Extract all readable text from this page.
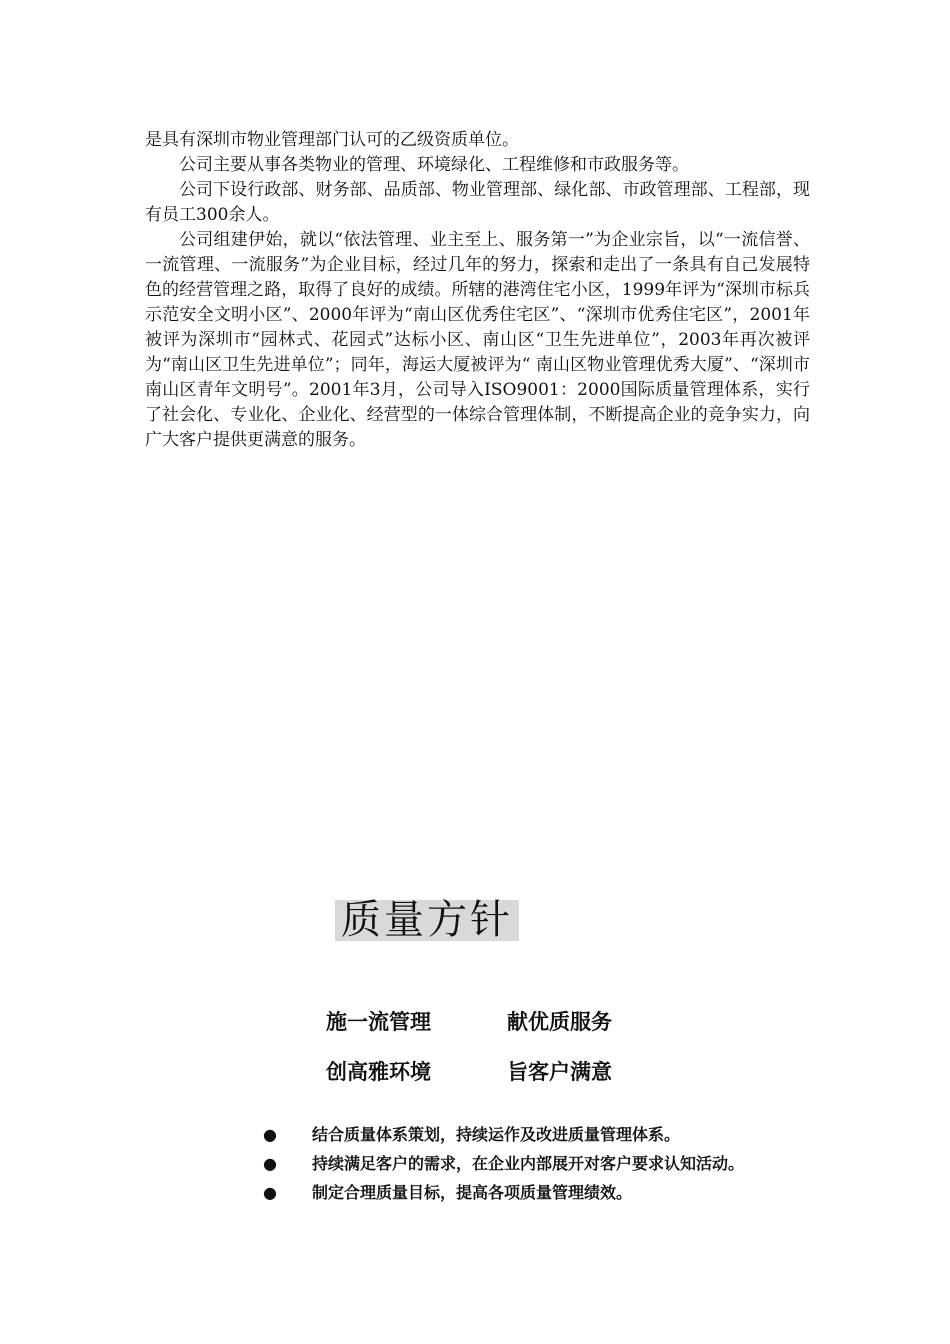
是具有深圳市物业管理部门认可的乙级资质单位。

公司主要从事各类物业的管理、环境绿化、工程维修和市政服务等。

公司下设行政部、财务部、品质部、物业管理部、绿化部、市政管理部、工程部，现有员工300余人。

公司组建伊始，就以“依法管理、业主至上、服务第一”为企业宗旨，以“一流信誉、一流管理、一流服务”为企业目标，经过几年的努力，探索和走出了一条具有自己发展特色的经营管理之路，取得了良好的成绩。所辖的港湾住宅小区，1999年评为“深圳市标兵示范安全文明小区”、2000年评为“南山区优秀住宅区”、“深圳市优秀住宅区”，2001年被评为深圳市“园林式、花园式”达标小区、南山区“卫生先进单位”，2003年再次被评为“南山区卫生先进单位”；同年，海运大厦被评为“ 南山区物业管理优秀大厦”、“深圳市南山区青年文明号”。2001年3月，公司导入ISO9001：2000国际质量管理体系，实行了社会化、专业化、企业化、经营型的一体综合管理体制，不断提高企业的竞争实力，向广大客户提供更满意的服务。

质量方针
施一流管理	献优质服务
创高雅环境	旨客户满意

● 结合质量体系策划，持续运作及改进质量管理体系。

● 持续满足客户的需求，在企业内部展开对客户要求认知活动。

● 制定合理质量目标，提高各项质量管理绩效。
